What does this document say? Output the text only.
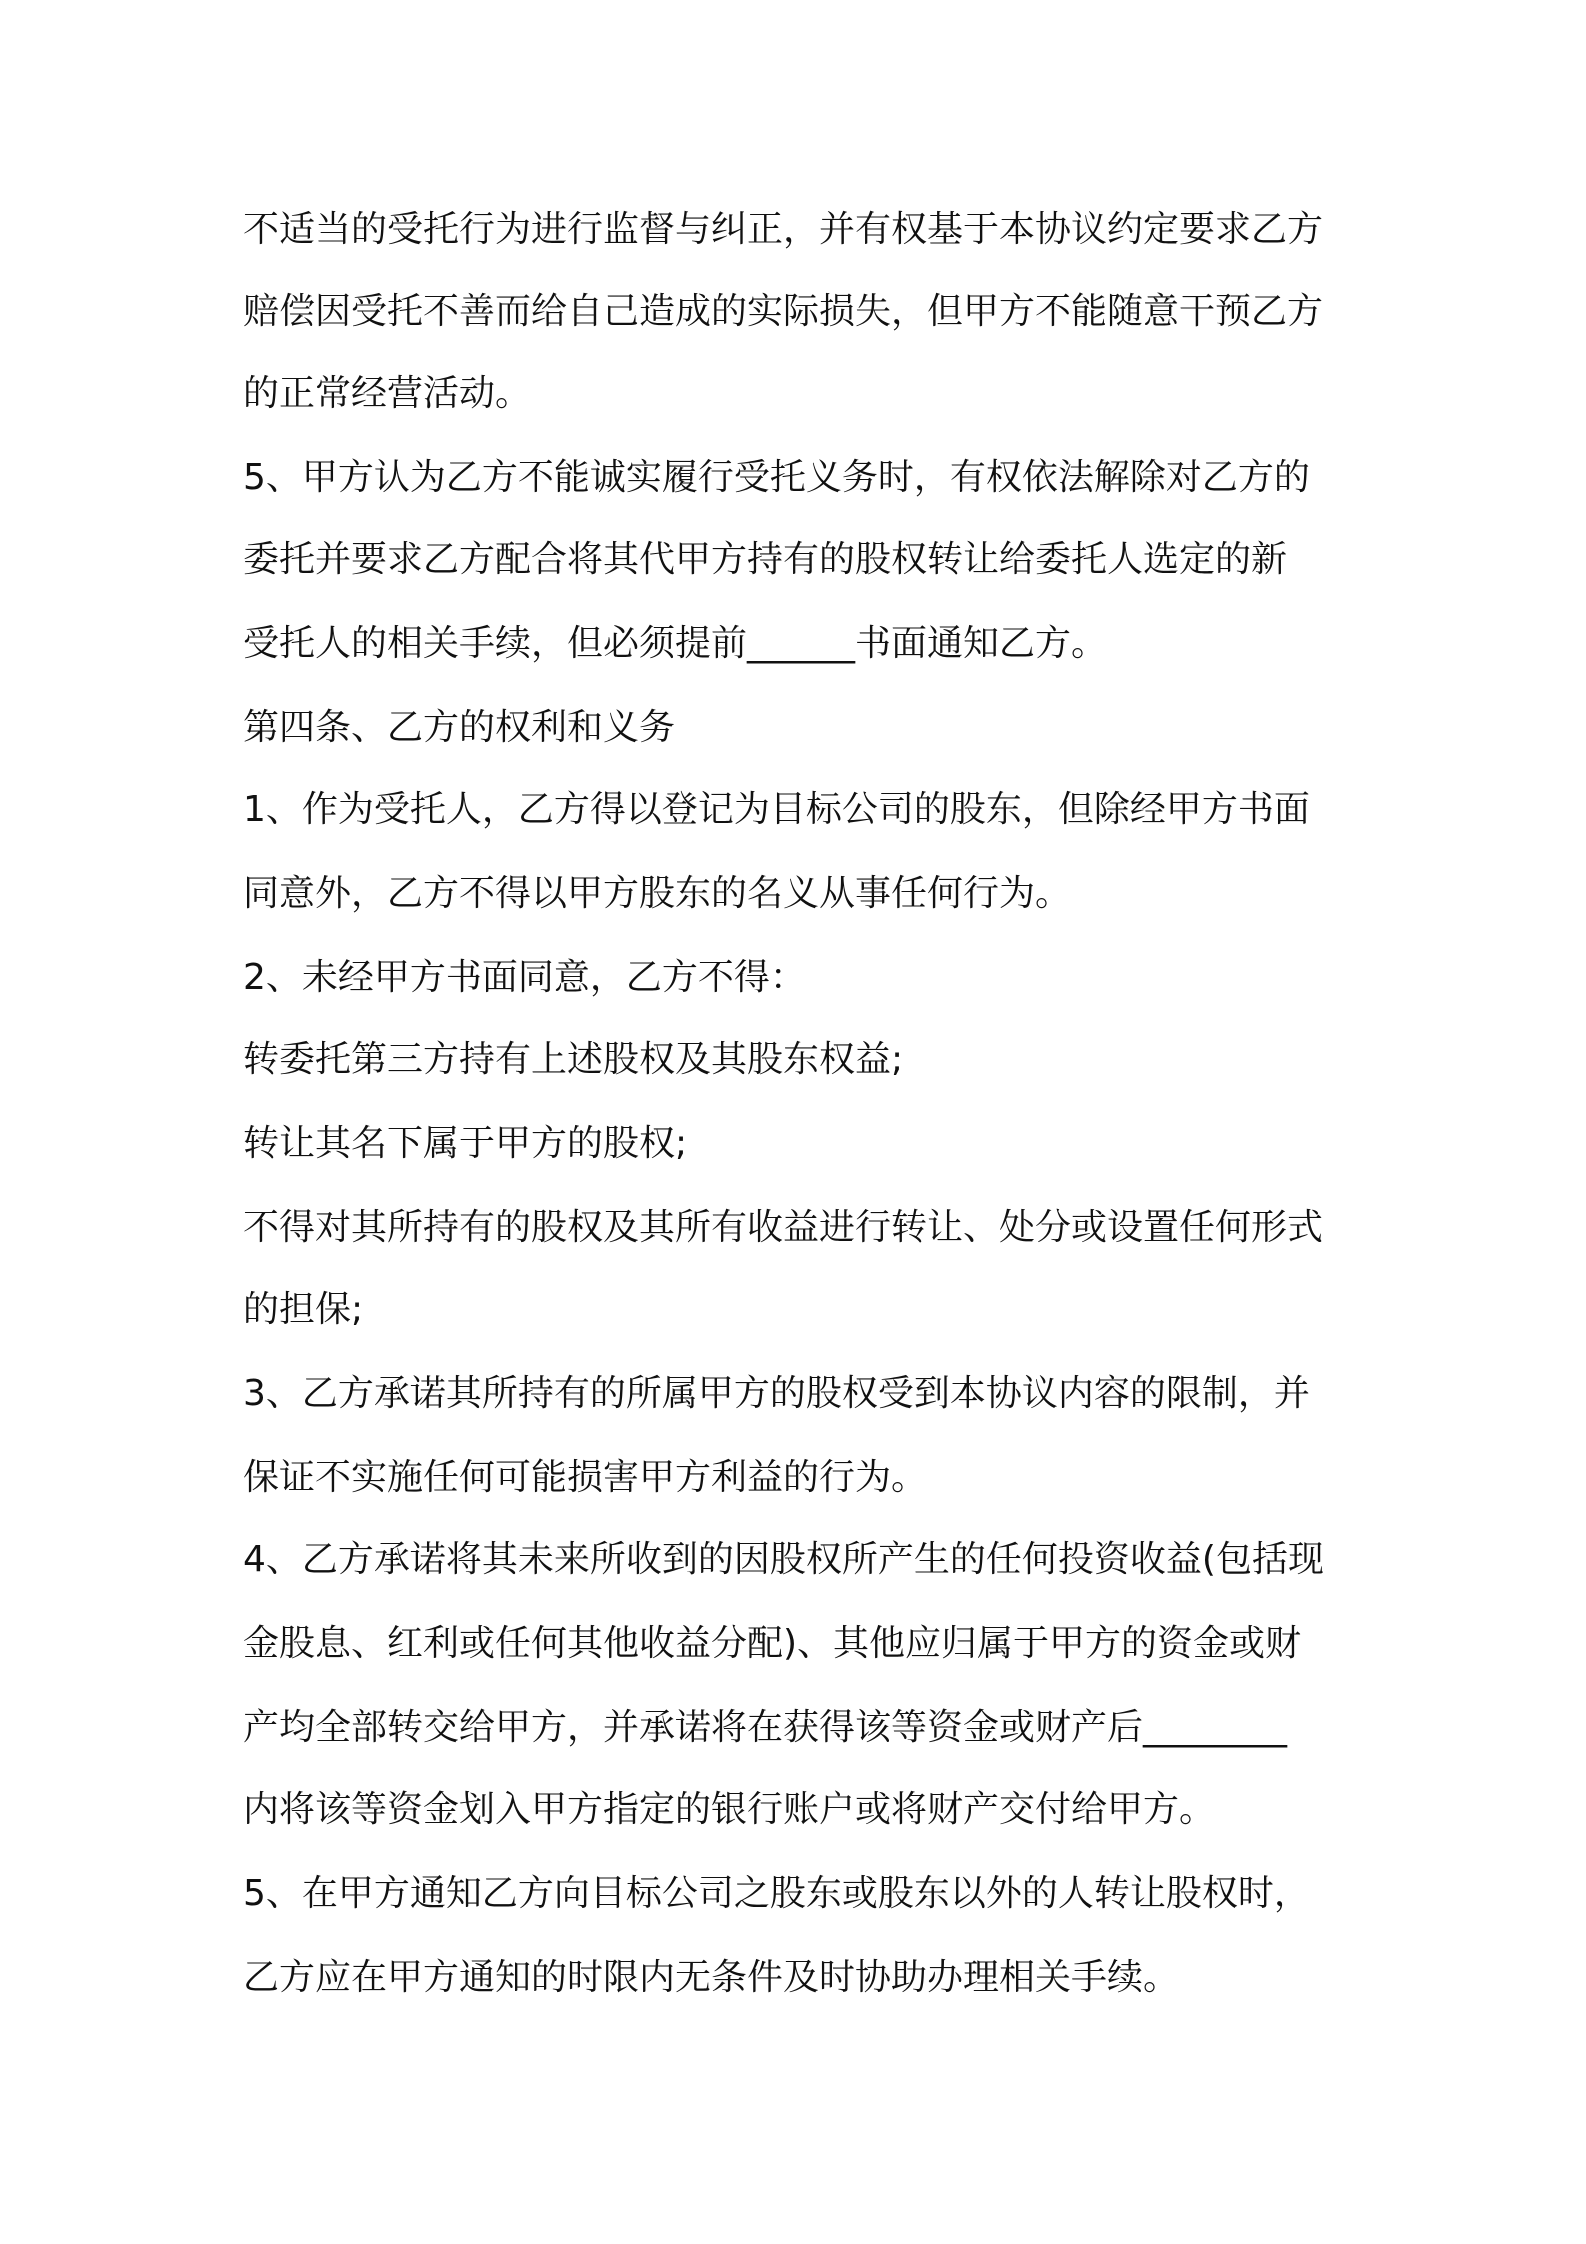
不适当的受托行为进行监督与纠正，并有权基于本协议约定要求乙方
赔偿因受托不善而给自己造成的实际损失，但甲方不能随意干预乙方
的正常经营活动。
5、甲方认为乙方不能诚实履行受托义务时，有权依法解除对乙方的
委托并要求乙方配合将其代甲方持有的股权转让给委托人选定的新
受托人的相关手续，但必须提前______书面通知乙方。
第四条、乙方的权利和义务
1、作为受托人，乙方得以登记为目标公司的股东，但除经甲方书面
同意外，乙方不得以甲方股东的名义从事任何行为。
2、未经甲方书面同意，乙方不得：
转委托第三方持有上述股权及其股东权益;
转让其名下属于甲方的股权;
不得对其所持有的股权及其所有收益进行转让、处分或设置任何形式
的担保;
3、乙方承诺其所持有的所属甲方的股权受到本协议内容的限制，并
保证不实施任何可能损害甲方利益的行为。
4、乙方承诺将其未来所收到的因股权所产生的任何投资收益(包括现
金股息、红利或任何其他收益分配)、其他应归属于甲方的资金或财
产均全部转交给甲方，并承诺将在获得该等资金或财产后________
内将该等资金划入甲方指定的银行账户或将财产交付给甲方。
5、在甲方通知乙方向目标公司之股东或股东以外的人转让股权时，
乙方应在甲方通知的时限内无条件及时协助办理相关手续。
